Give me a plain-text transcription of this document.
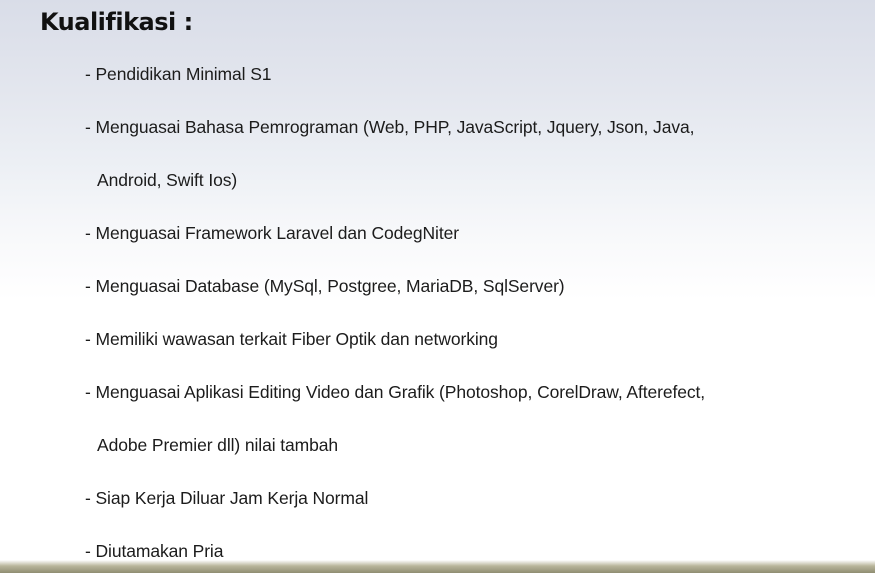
Kualifikasi :
- Pendidikan Minimal S1
- Menguasai Bahasa Pemrograman (Web, PHP, JavaScript, Jquery, Json, Java,
Android, Swift Ios)
- Menguasai Framework Laravel dan CodegNiter
- Menguasai Database (MySql, Postgree, MariaDB, SqlServer)
- Memiliki wawasan terkait Fiber Optik dan networking
- Menguasai Aplikasi Editing Video dan Grafik (Photoshop, CorelDraw, Afterefect,
Adobe Premier dll) nilai tambah
- Siap Kerja Diluar Jam Kerja Normal
- Diutamakan Pria
